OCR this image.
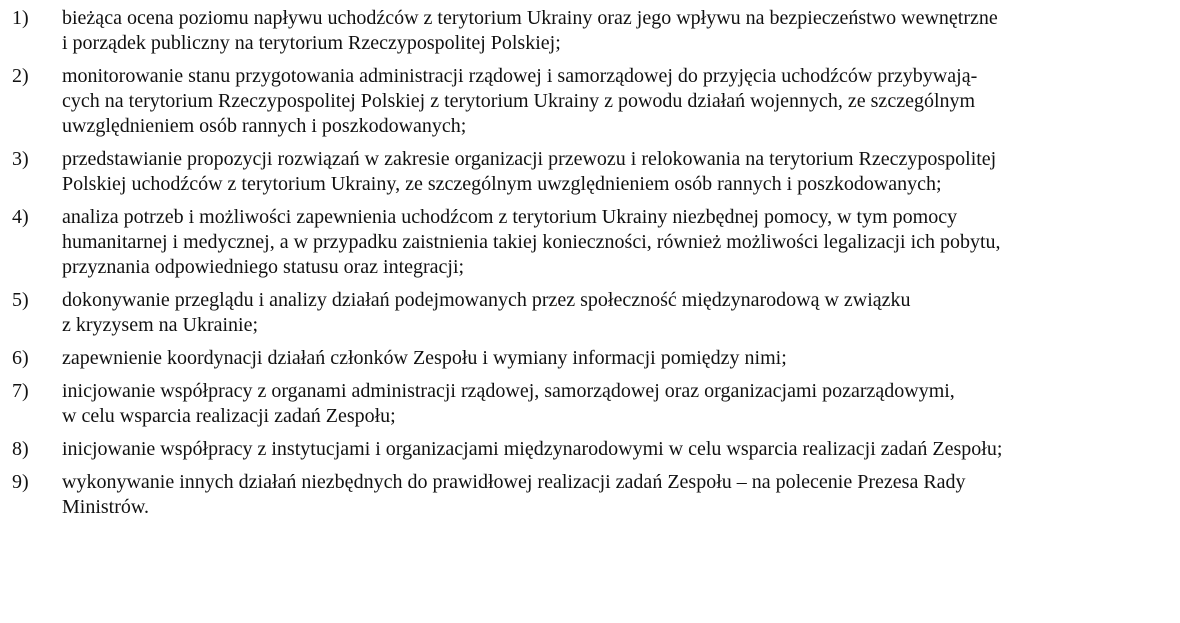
1)	bieżąca ocena poziomu napływu uchodźców z terytorium Ukrainy oraz jego wpływu na bezpieczeństwo wewnętrzne
i porządek publiczny na terytorium Rzeczypospolitej Polskiej;
2)	monitorowanie stanu przygotowania administracji rządowej i samorządowej do przyjęcia uchodźców przybywają-
cych na terytorium Rzeczypospolitej Polskiej z terytorium Ukrainy z powodu działań wojennych, ze szczególnym
uwzględnieniem osób rannych i poszkodowanych;
3)	przedstawianie propozycji rozwiązań w zakresie organizacji przewozu i relokowania na terytorium Rzeczypospolitej
Polskiej uchodźców z terytorium Ukrainy, ze szczególnym uwzględnieniem osób rannych i poszkodowanych;
4)	analiza potrzeb i możliwości zapewnienia uchodźcom z terytorium Ukrainy niezbędnej pomocy, w tym pomocy
humanitarnej i medycznej, a w przypadku zaistnienia takiej konieczności, również możliwości legalizacji ich pobytu,
przyznania odpowiedniego statusu oraz integracji;
5)	dokonywanie przeglądu i analizy działań podejmowanych przez społeczność międzynarodową w związku
z kryzysem na Ukrainie;
6)	zapewnienie koordynacji działań członków Zespołu i wymiany informacji pomiędzy nimi;
7)	inicjowanie współpracy z organami administracji rządowej, samorządowej oraz organizacjami pozarządowymi,
w celu wsparcia realizacji zadań Zespołu;
8)	inicjowanie współpracy z instytucjami i organizacjami międzynarodowymi w celu wsparcia realizacji zadań Zespołu;
9)	wykonywanie innych działań niezbędnych do prawidłowej realizacji zadań Zespołu – na polecenie Prezesa Rady
Ministrów.
